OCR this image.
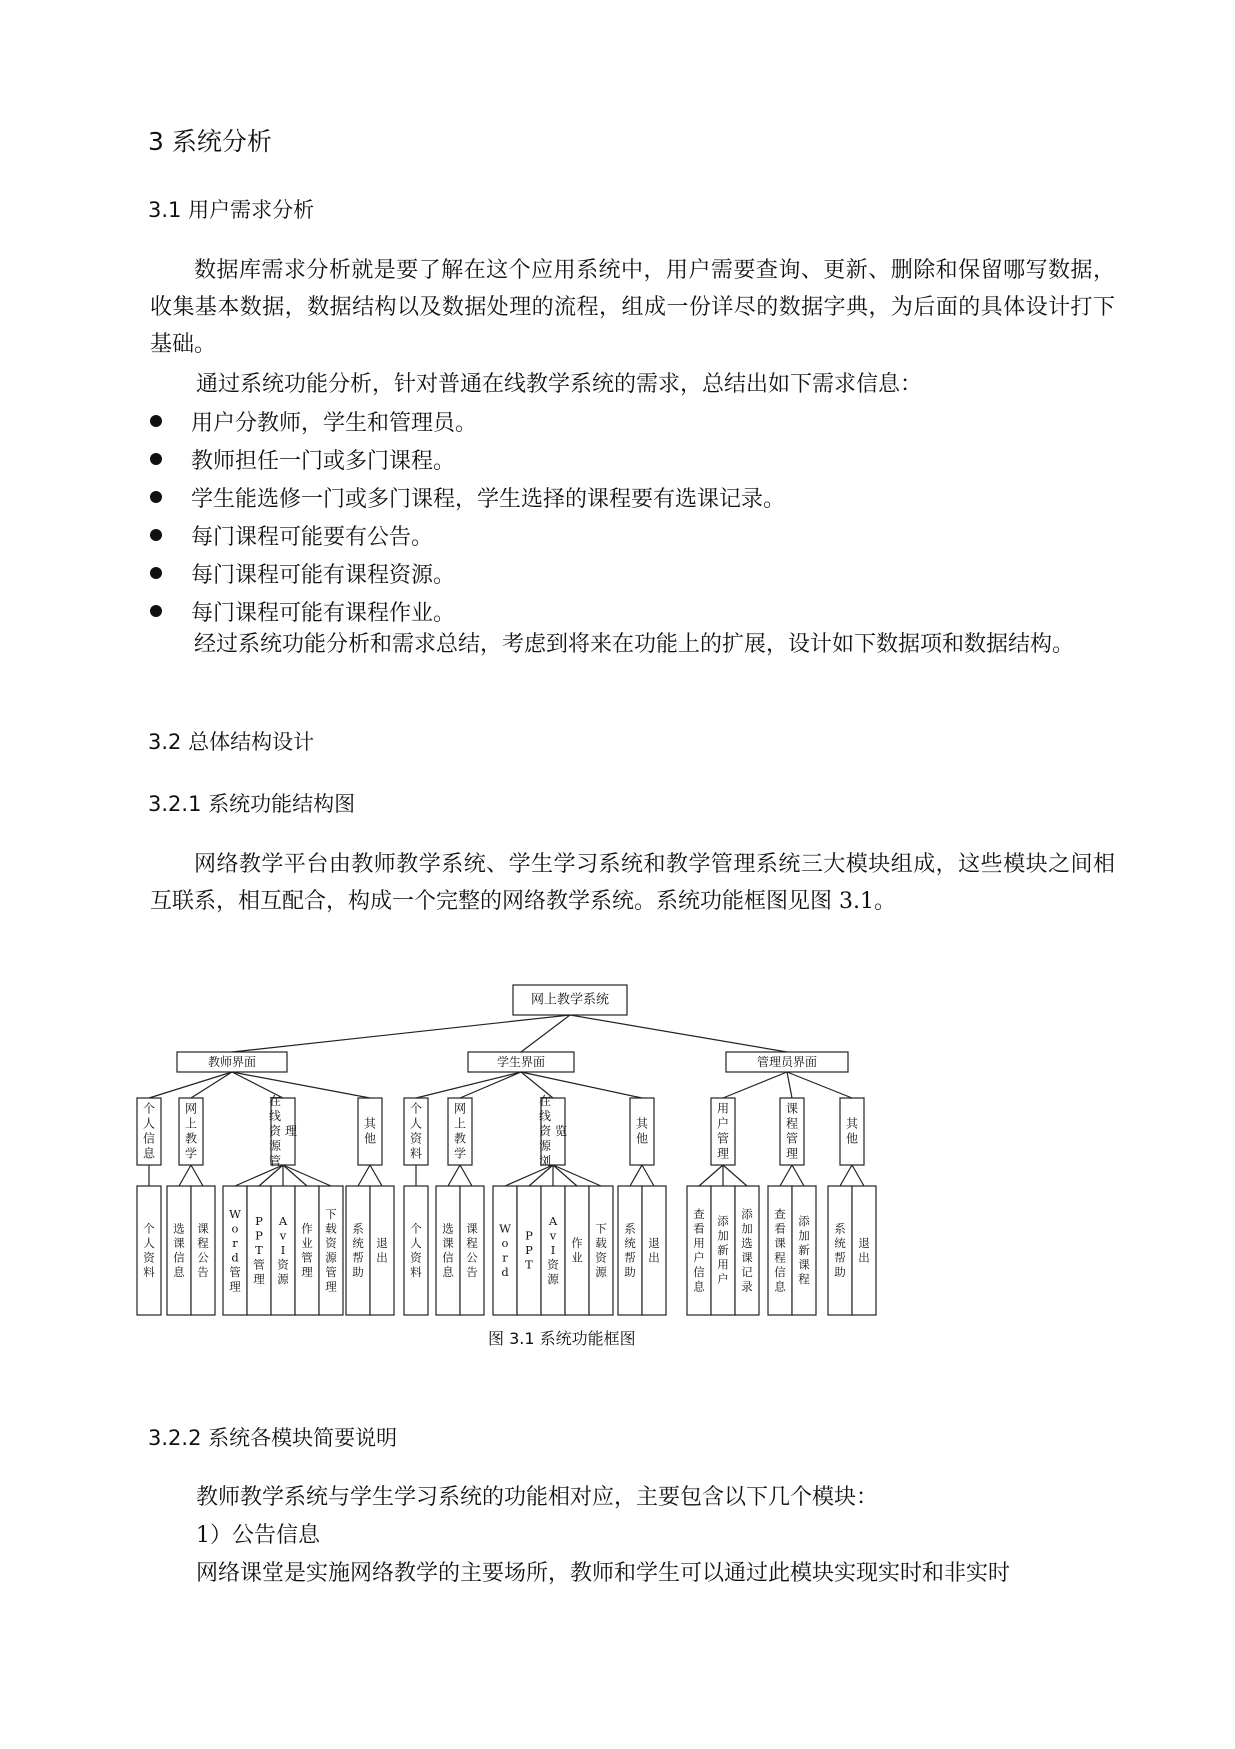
3 系统分析
3.1 用户需求分析
数据库需求分析就是要了解在这个应用系统中，用户需要查询、更新、删除和保留哪写数据，收集基本数据，数据结构以及数据处理的流程，组成一份详尽的数据字典，为后面的具体设计打下基础。
通过系统功能分析，针对普通在线教学系统的需求，总结出如下需求信息：
用户分教师，学生和管理员。
教师担任一门或多门课程。
学生能选修一门或多门课程，学生选择的课程要有选课记录。
每门课程可能要有公告。
每门课程可能有课程资源。
每门课程可能有课程作业。
经过系统功能分析和需求总结，考虑到将来在功能上的扩展，设计如下数据项和数据结构。
3.2 总体结构设计
3.2.1 系统功能结构图
网络教学平台由教师教学系统、学生学习系统和教学管理系统三大模块组成，这些模块之间相互联系，相互配合，构成一个完整的网络教学系统。系统功能框图见图 3.1。
网上教学系统
教师界面
个
人
信
息
个
人
资
料
网
上
教
学
选
课
信
息
课
程
公
告
在
线
资
源
管
理
W
o
r
d
管
理
P
P
T
管
理
A
v
I
资
源
作
业
管
理
下
载
资
源
管
理
其
他
系
统
帮
助
退
出
学生界面
个
人
资
料
个
人
资
料
网
上
教
学
选
课
信
息
课
程
公
告
在
线
资
源
浏
览
W
o
r
d
P
P
T
A
v
I
资
源
作
业
下
载
资
源
其
他
系
统
帮
助
退
出
管理员界面
用
户
管
理
查
看
用
户
信
息
添
加
新
用
户
添
加
选
课
记
录
课
程
管
理
查
看
课
程
信
息
添
加
新
课
程
其
他
系
统
帮
助
退
出
图 3.1 系统功能框图
3.2.2 系统各模块简要说明
教师教学系统与学生学习系统的功能相对应，主要包含以下几个模块：
1）公告信息
网络课堂是实施网络教学的主要场所，教师和学生可以通过此模块实现实时和非实时
